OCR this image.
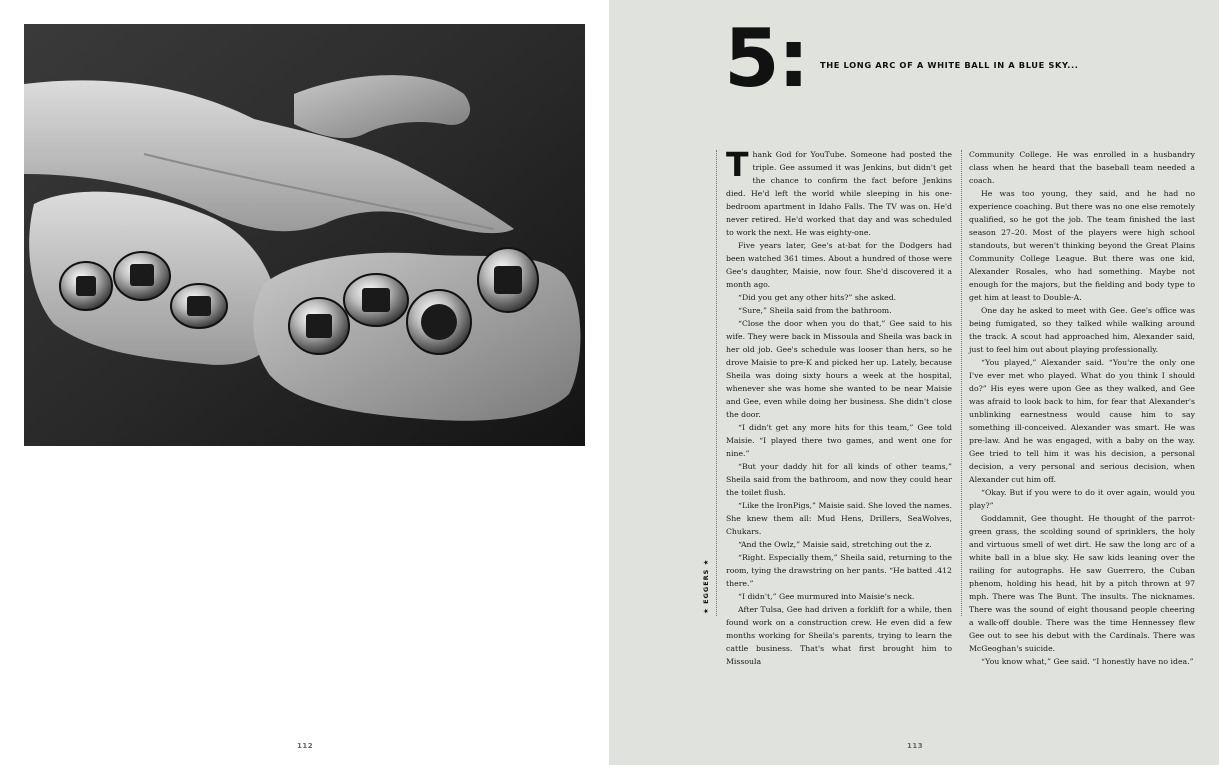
112
5: THE LONG ARC OF A WHITE BALL IN A BLUE SKY...
★ EGGERS ★

Thank God for YouTube. Someone had posted the triple. Gee assumed it was Jenkins, but didn't get the chance to confirm the fact before Jenkins died. He'd left the world while sleeping in his one-bedroom apartment in Idaho Falls. The TV was on. He'd never retired. He'd worked that day and was scheduled to work the next. He was eighty-one.

Five years later, Gee's at-bat for the Dodgers had been watched 361 times. About a hundred of those were Gee's daughter, Maisie, now four. She'd discovered it a month ago.

“Did you get any other hits?” she asked.

“Sure,” Sheila said from the bathroom.

“Close the door when you do that,” Gee said to his wife. They were back in Missoula and Sheila was back in her old job. Gee's schedule was looser than hers, so he drove Maisie to pre-K and picked her up. Lately, because Sheila was doing sixty hours a week at the hospital, whenever she was home she wanted to be near Maisie and Gee, even while doing her business. She didn't close the door.

“I didn't get any more hits for this team,” Gee told Maisie. “I played there two games, and went one for nine.”

“But your daddy hit for all kinds of other teams,” Sheila said from the bathroom, and now they could hear the toilet flush.

“Like the IronPigs,” Maisie said. She loved the names. She knew them all: Mud Hens, Drillers, SeaWolves, Chukars.

“And the Owlz,” Maisie said, stretching out the z.

“Right. Especially them,” Sheila said, returning to the room, tying the drawstring on her pants. “He batted .412 there.”

“I didn't,” Gee murmured into Maisie's neck.

After Tulsa, Gee had driven a forklift for a while, then found work on a construction crew. He even did a few months working for Sheila's parents, trying to learn the cattle business. That's what first brought him to Missoula

Community College. He was enrolled in a husbandry class when he heard that the baseball team needed a coach.

He was too young, they said, and he had no experience coaching. But there was no one else remotely qualified, so he got the job. The team finished the last season 27–20. Most of the players were high school standouts, but weren't thinking beyond the Great Plains Community College League. But there was one kid, Alexander Rosales, who had something. Maybe not enough for the majors, but the fielding and body type to get him at least to Double-A.

One day he asked to meet with Gee. Gee's office was being fumigated, so they talked while walking around the track. A scout had approached him, Alexander said, just to feel him out about playing professionally.

“You played,” Alexander said. “You're the only one I've ever met who played. What do you think I should do?” His eyes were upon Gee as they walked, and Gee was afraid to look back to him, for fear that Alexander's unblinking earnestness would cause him to say something ill-conceived. Alexander was smart. He was pre-law. And he was engaged, with a baby on the way. Gee tried to tell him it was his decision, a personal decision, a very personal and serious decision, when Alexander cut him off.

“Okay. But if you were to do it over again, would you play?”

Goddamnit, Gee thought. He thought of the parrot-green grass, the scolding sound of sprinklers, the holy and virtuous smell of wet dirt. He saw the long arc of a white ball in a blue sky. He saw kids leaning over the railing for autographs. He saw Guerrero, the Cuban phenom, holding his head, hit by a pitch thrown at 97 mph. There was The Bunt. The insults. The nicknames. There was the sound of eight thousand people cheering a walk-off double. There was the time Hennessey flew Gee out to see his debut with the Cardinals. There was McGeoghan's suicide.

“You know what,” Gee said. “I honestly have no idea.”

113
